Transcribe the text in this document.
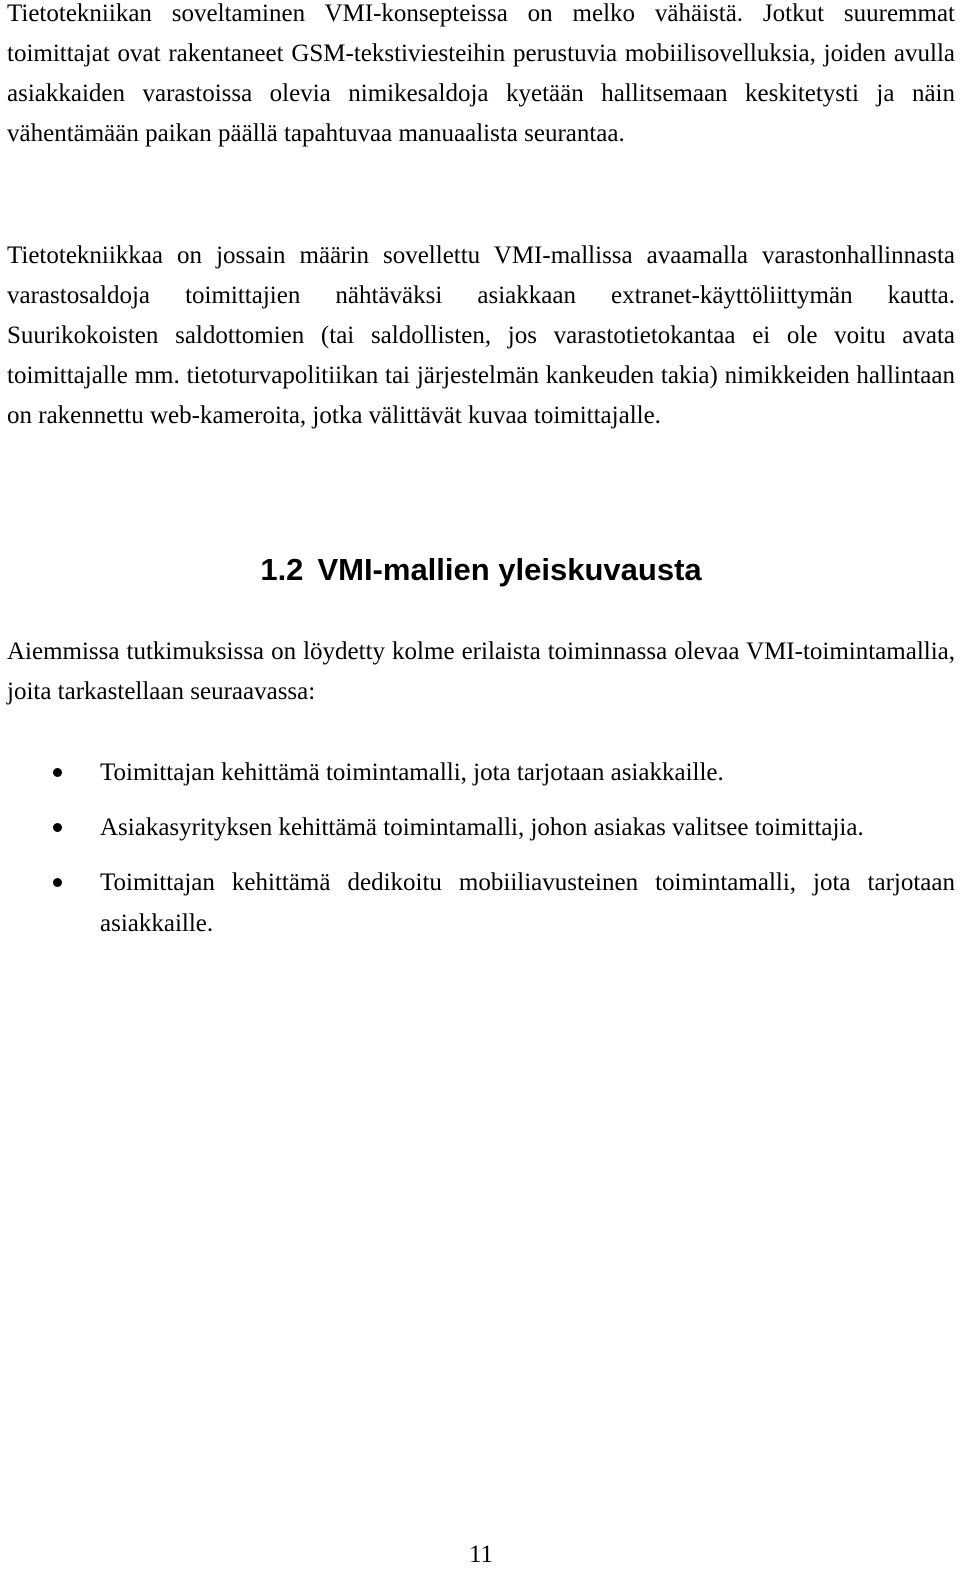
Tietotekniikan soveltaminen VMI-konsepteissa on melko vähäistä. Jotkut suuremmat toimittajat ovat rakentaneet GSM-tekstiviesteihin perustuvia mobiilisovelluksia, joiden avulla asiakkaiden varastoissa olevia nimikesaldoja kyetään hallitsemaan keskitetysti ja näin vähentämään paikan päällä tapahtuvaa manuaalista seurantaa.

Tietotekniikkaa on jossain määrin sovellettu VMI-mallissa avaamalla varastonhallinnasta varastosaldoja toimittajien nähtäväksi asiakkaan extranet-käyttöliittymän kautta. Suurikokoisten saldottomien (tai saldollisten, jos varastotietokantaa ei ole voitu avata toimittajalle mm. tietoturvapolitiikan tai järjestelmän kankeuden takia) nimikkeiden hallintaan on rakennettu web-kameroita, jotka välittävät kuvaa toimittajalle.

1.2 VMI-mallien yleiskuvausta

Aiemmissa tutkimuksissa on löydetty kolme erilaista toiminnassa olevaa VMI-toimintamallia, joita tarkastellaan seuraavassa:

Toimittajan kehittämä toimintamalli, jota tarjotaan asiakkaille.
Asiakasyrityksen kehittämä toimintamalli, johon asiakas valitsee toimittajia.
Toimittajan kehittämä dedikoitu mobiiliavusteinen toimintamalli, jota tarjotaan asiakkaille.
11
